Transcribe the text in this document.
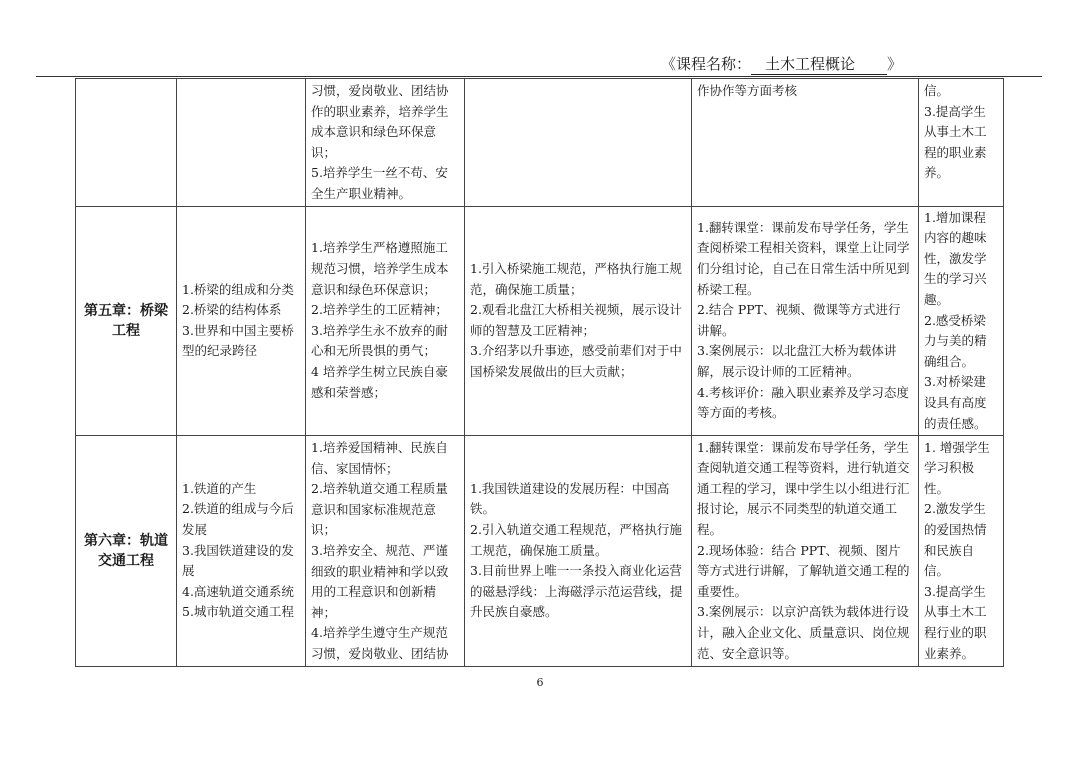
《课程名称： 土木工程概论 》

		习惯，爱岗敬业、团结协作的职业素养，培养学生成本意识和绿色环保意识；
5.培养学生一丝不苟、安全生产职业精神。		作协作等方面考核	信。
3.提高学生从事土木工程的职业素养。

第五章：桥梁工程	1.桥梁的组成和分类
2.桥梁的结构体系
3.世界和中国主要桥型的纪录跨径	1.培养学生严格遵照施工规范习惯，培养学生成本意识和绿色环保意识；
2.培养学生的工匠精神；
3.培养学生永不放弃的耐心和无所畏惧的勇气；
4 培养学生树立民族自豪感和荣誉感；	1.引入桥梁施工规范，严格执行施工规范，确保施工质量；
2.观看北盘江大桥相关视频，展示设计师的智慧及工匠精神；
3.介绍茅以升事迹，感受前辈们对于中国桥梁发展做出的巨大贡献；	1.翻转课堂：课前发布导学任务，学生查阅桥梁工程相关资料，课堂上让同学们分组讨论，自己在日常生活中所见到桥梁工程。
2.结合 PPT、视频、微课等方式进行讲解。
3.案例展示：以北盘江大桥为载体讲解，展示设计师的工匠精神。
4.考核评价：融入职业素养及学习态度等方面的考核。	1.增加课程内容的趣味性，激发学生的学习兴趣。
2.感受桥梁力与美的精确组合。
3.对桥梁建设具有高度的责任感。

第六章：轨道交通工程	1.铁道的产生
2.铁道的组成与今后发展
3.我国铁道建设的发展
4.高速轨道交通系统
5.城市轨道交通工程	1.培养爱国精神、民族自信、家国情怀；
2.培养轨道交通工程质量意识和国家标准规范意识；
3.培养安全、规范、严谨细致的职业精神和学以致用的工程意识和创新精神；
4.培养学生遵守生产规范习惯，爱岗敬业、团结协	1.我国铁道建设的发展历程：中国高铁。
2.引入轨道交通工程规范，严格执行施工规范，确保施工质量。
3.目前世界上唯一一条投入商业化运营的磁悬浮线：上海磁浮示范运营线，提升民族自豪感。	1.翻转课堂：课前发布导学任务，学生查阅轨道交通工程等资料，进行轨道交通工程的学习，课中学生以小组进行汇报讨论，展示不同类型的轨道交通工程。
2.现场体验：结合 PPT、视频、图片等方式进行讲解，了解轨道交通工程的重要性。
3.案例展示：以京沪高铁为载体进行设计，融入企业文化、质量意识、岗位规范、安全意识等。	1. 增强学生学习积极性。
2.激发学生的爱国热情和民族自信。
3.提高学生从事土木工程行业的职业素养。
6
